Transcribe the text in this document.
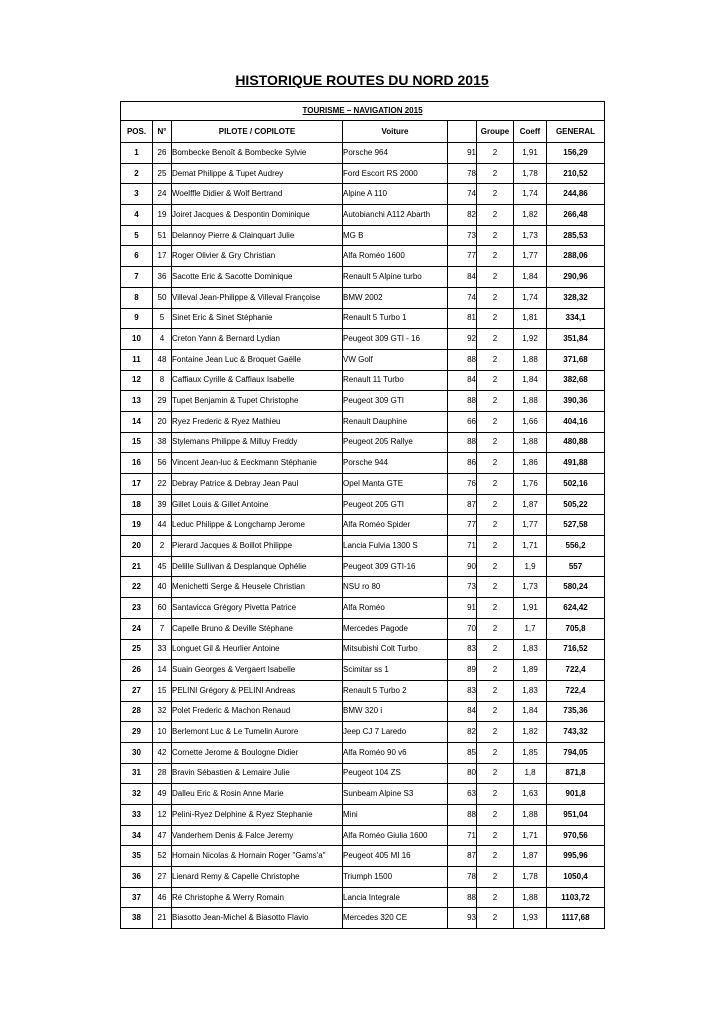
HISTORIQUE ROUTES DU NORD 2015
TOURISME – NAVIGATION 2015							
POS.	N°	PILOTE / COPILOTE	Voiture		Groupe	Coeff	GENERAL
1	26	Bombecke Benoît & Bombecke Sylvie	Porsche 964	91	2	1,91	156,29
2	25	Demat Philippe & Tupet Audrey	Ford Escort RS 2000	78	2	1,78	210,52
3	24	Woelffle Didier & Wolf Bertrand	Alpine A 110	74	2	1,74	244,86
4	19	Joiret Jacques & Despontin Dominique	Autobianchi A112 Abarth	82	2	1,82	266,48
5	51	Delannoy Pierre & Clainquart Julie	MG B	73	2	1,73	285,53
6	17	Roger Olivier & Gry Christian	Alfa Roméo 1600	77	2	1,77	288,06
7	36	Sacotte Eric & Sacotte Dominique	Renault 5 Alpine turbo	84	2	1,84	290,96
8	50	Villeval Jean-Philippe & Villeval Françoise	BMW 2002	74	2	1,74	328,32
9	5	Sinet Eric & Sinet Stéphanie	Renault 5 Turbo 1	81	2	1,81	334,1
10	4	Creton Yann & Bernard Lydian	Peugeot 309 GTI - 16	92	2	1,92	351,84
11	48	Fontaine Jean Luc & Broquet Gaëlle	VW Golf	88	2	1,88	371,68
12	8	Caffiaux Cyrille & Caffiaux Isabelle	Renault 11 Turbo	84	2	1,84	382,68
13	29	Tupet Benjamin & Tupet Christophe	Peugeot 309 GTI	88	2	1,88	390,36
14	20	Ryez Frederic & Ryez Mathieu	Renault Dauphine	66	2	1,66	404,16
15	38	Stylemans Philippe & Milluy Freddy	Peugeot 205 Rallye	88	2	1,88	480,88
16	56	Vincent Jean-luc & Eeckmann Stéphanie	Porsche 944	86	2	1,86	491,88
17	22	Debray Patrice & Debray Jean Paul	Opel Manta GTE	76	2	1,76	502,16
18	39	Gillet Louis & Gillet Antoine	Peugeot 205 GTI	87	2	1,87	505,22
19	44	Leduc Philippe & Longchamp Jerome	Alfa Roméo Spider	77	2	1,77	527,58
20	2	Pierard Jacques & Boillot Philippe	Lancia Fulvia 1300 S	71	2	1,71	556,2
21	45	Delille Sullivan & Desplanque Ophélie	Peugeot 309 GTI-16	90	2	1,9	557
22	40	Menichetti Serge & Heusele Christian	NSU ro 80	73	2	1,73	580,24
23	60	Santavicca Grégory Pivetta Patrice	Alfa Roméo	91	2	1,91	624,42
24	7	Capelle Bruno & Deville Stéphane	Mercedes Pagode	70	2	1,7	705,8
25	33	Longuet Gil & Heurlier Antoine	Mitsubishi Colt Turbo	83	2	1,83	716,52
26	14	Suain Georges & Vergaert Isabelle	Scimitar ss 1	89	2	1,89	722,4
27	15	PELINI Grégory & PELINI Andreas	Renault 5 Turbo 2	83	2	1,83	722,4
28	32	Polet Frederic & Machon Renaud	BMW 320 i	84	2	1,84	735,36
29	10	Berlemont Luc & Le Tumelin Aurore	Jeep CJ 7 Laredo	82	2	1,82	743,32
30	42	Cornette Jerome & Boulogne Didier	Alfa Roméo 90 v6	85	2	1,85	794,05
31	28	Bravin Sébastien & Lemaire Julie	Peugeot 104 ZS	80	2	1,8	871,8
32	49	Dalleu Eric & Rosin Anne Marie	Sunbeam Alpine S3	63	2	1,63	901,8
33	12	Pelini-Ryez Delphine & Ryez Stephanie	Mini	88	2	1,88	951,04
34	47	Vanderhem Denis & Falce Jeremy	Alfa Roméo Giulia 1600	71	2	1,71	970,56
35	52	Hornain Nicolas & Hornain Roger "Gams'a"	Peugeot 405 MI 16	87	2	1,87	995,96
36	27	Lienard Remy & Capelle Christophe	Triumph 1500	78	2	1,78	1050,4
37	46	Ré Christophe & Werry Romain	Lancia Integrale	88	2	1,88	1103,72
38	21	Biasotto Jean-Michel & Biasotto Flavio	Mercedes 320 CE	93	2	1,93	1117,68
